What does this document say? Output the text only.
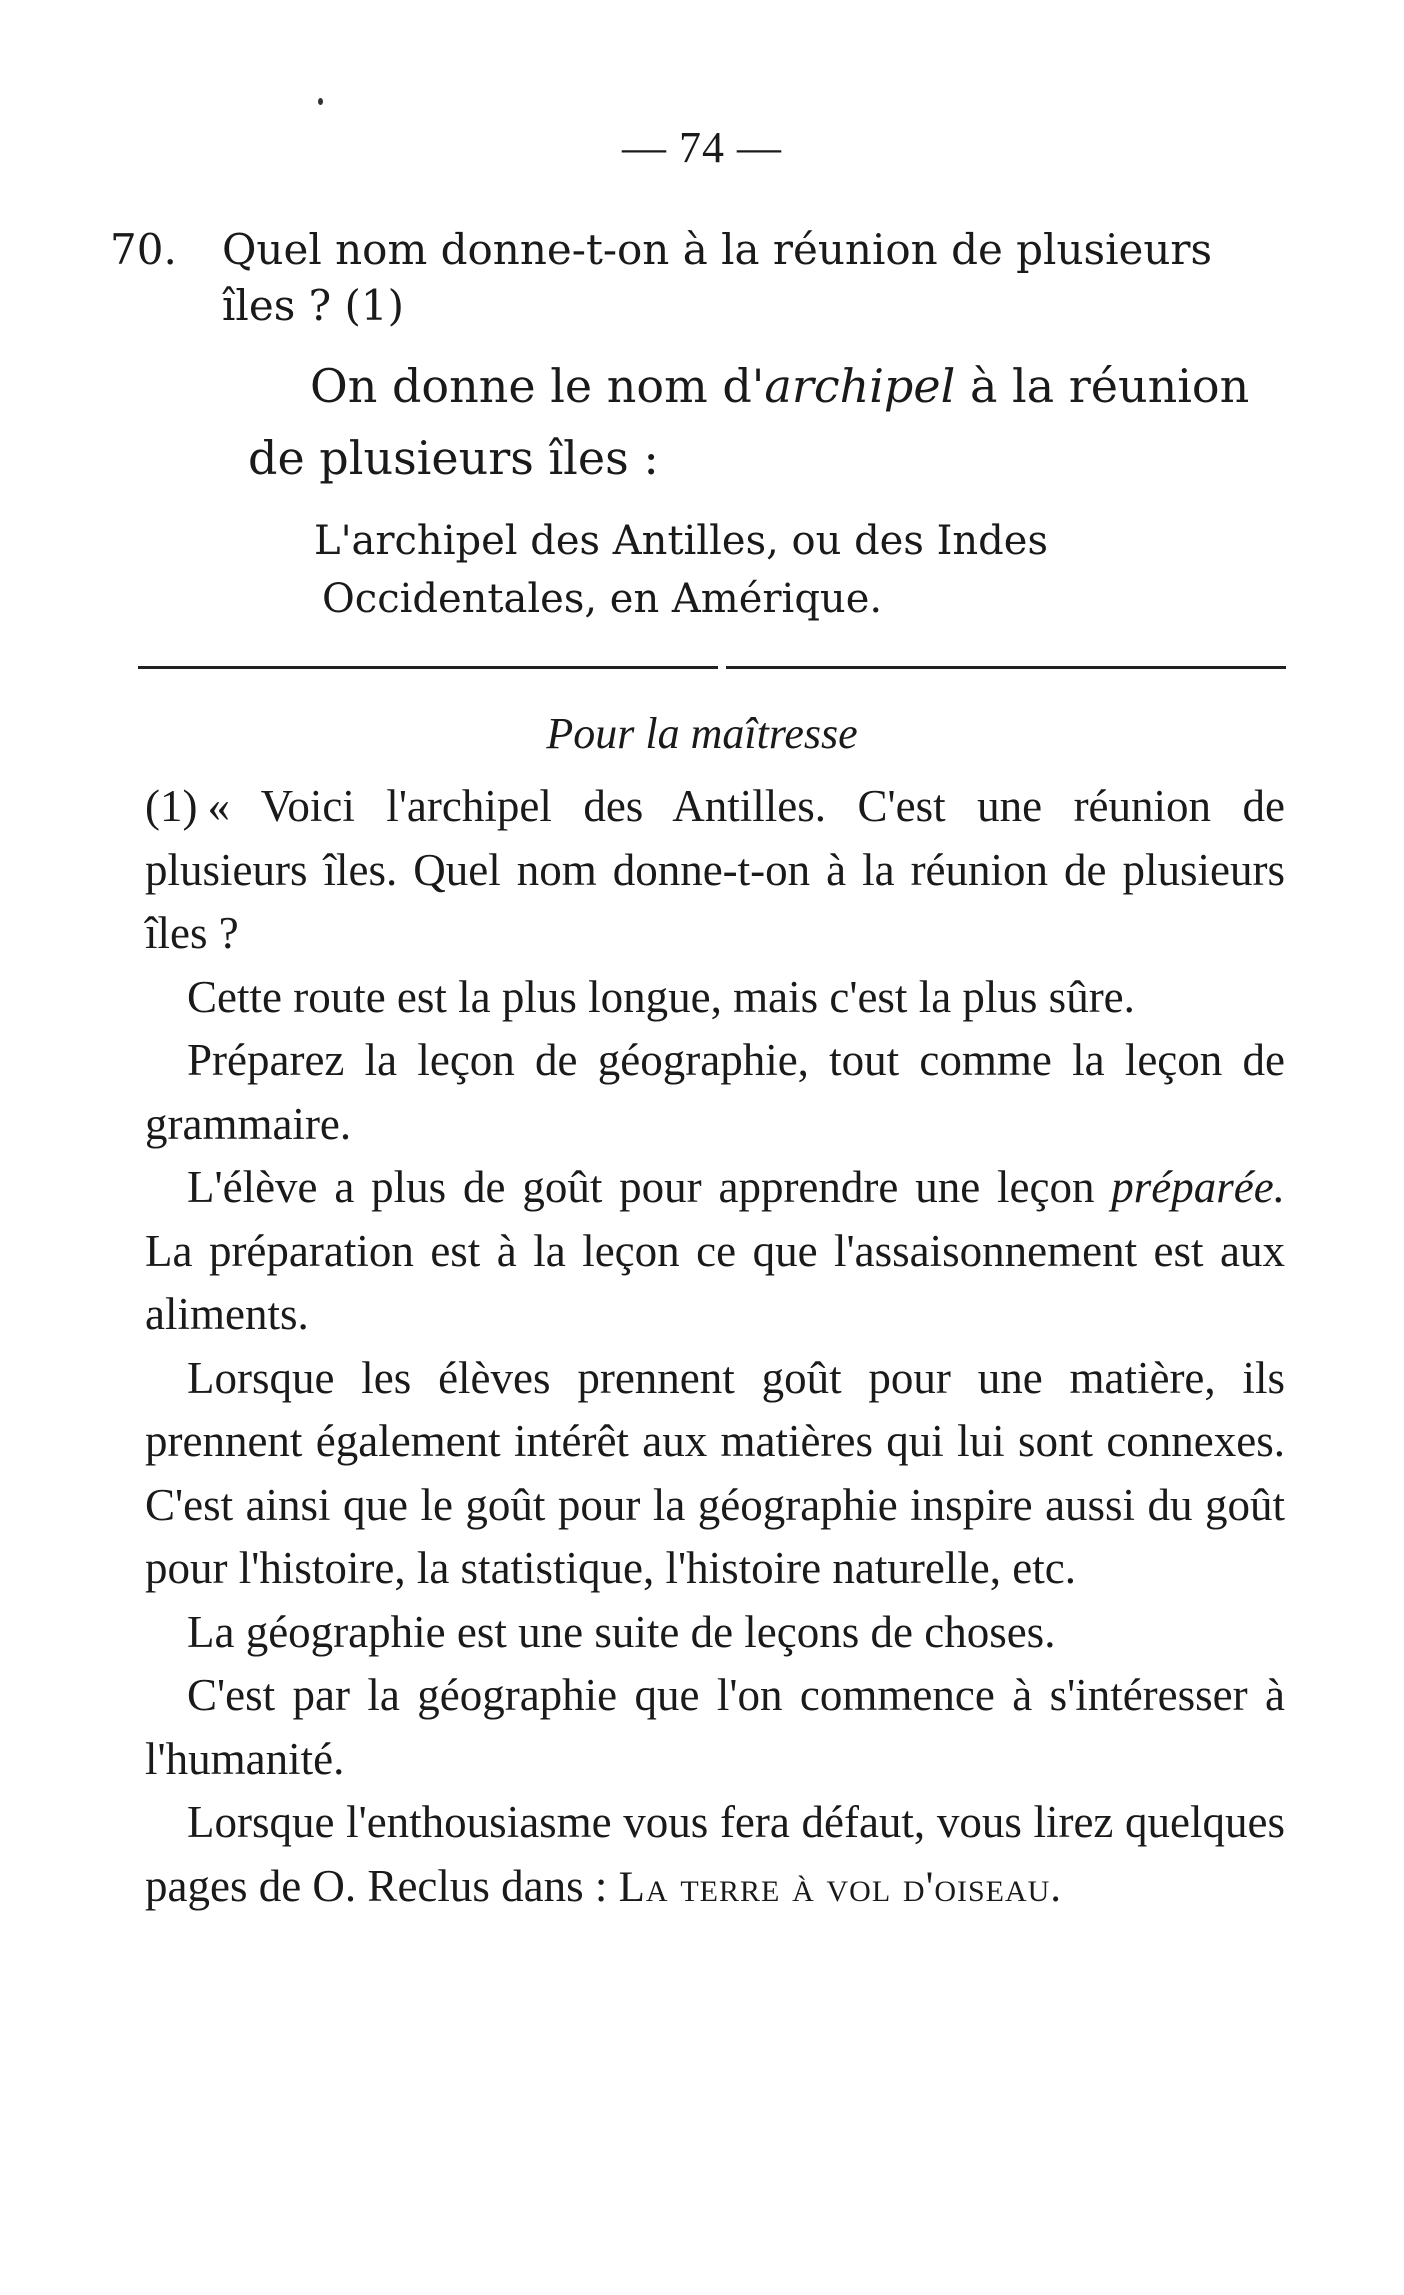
— 74 —
70. Quel nom donne-t-on à la réunion de plusieurs îles ? (1)
On donne le nom d'archipel à la réunion de plusieurs îles :
L'archipel des Antilles, ou des Indes Occidentales, en Amérique.
Pour la maîtresse

(1) « Voici l'archipel des Antilles. C'est une réunion de plusieurs îles. Quel nom donne-t-on à la réunion de plusieurs îles ?

Cette route est la plus longue, mais c'est la plus sûre.

Préparez la leçon de géographie, tout comme la leçon de grammaire.

L'élève a plus de goût pour apprendre une leçon préparée. La préparation est à la leçon ce que l'assaisonnement est aux aliments.

Lorsque les élèves prennent goût pour une matière, ils prennent également intérêt aux matières qui lui sont connexes. C'est ainsi que le goût pour la géographie inspire aussi du goût pour l'histoire, la statistique, l'histoire naturelle, etc.

La géographie est une suite de leçons de choses.

C'est par la géographie que l'on commence à s'intéresser à l'humanité.

Lorsque l'enthousiasme vous fera défaut, vous lirez quelques pages de O. Reclus dans : La terre à vol d'oiseau.
